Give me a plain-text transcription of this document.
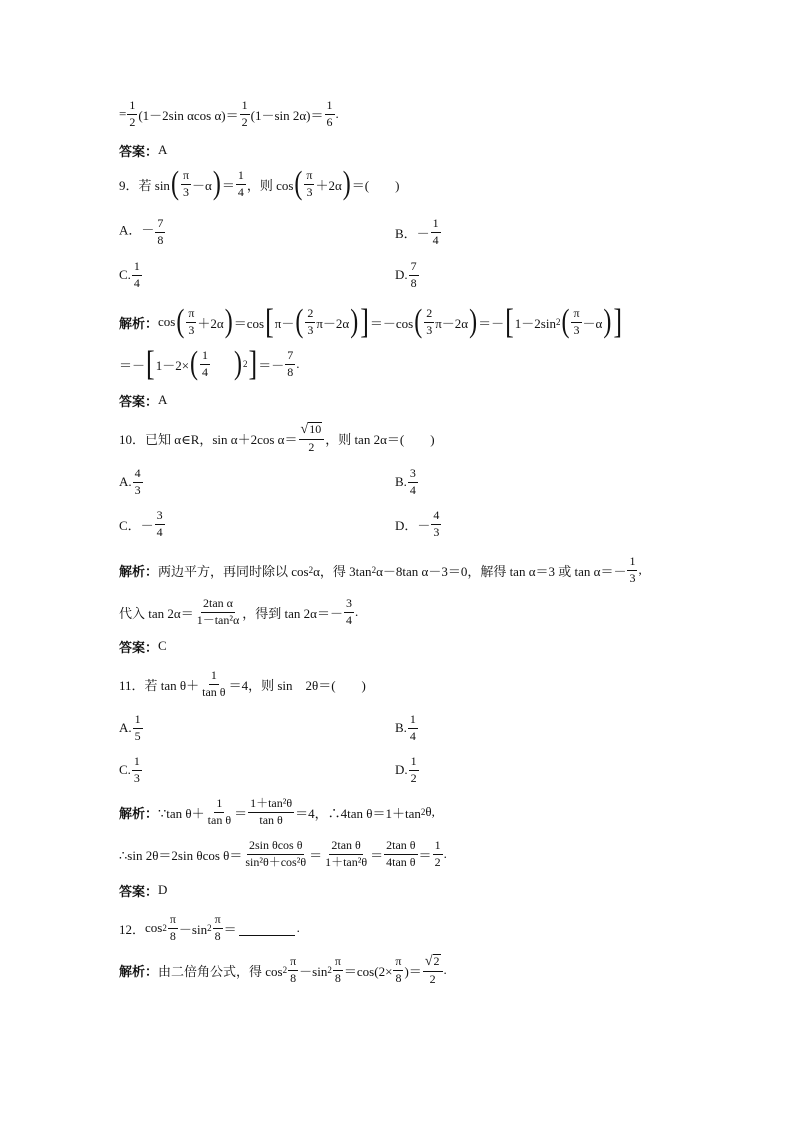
= $\frac{1}{2} (1-2\sin$ αcos $\alpha)= \frac{1}{2} (1-\sin$ $2\alpha)= \frac{1}{6}$ .
答案： A
9． 若 sin ( $\frac{\pi}{3} -\alpha$ ) ＝ $\frac{1}{4}$ ，则 cos ( $\frac{\pi}{3} +2\alpha$ ) ＝(　　)
A．－ $\frac{7}{8}$	B．－ $\frac{1}{4}$
C. $\frac{1}{4}$	D. $\frac{7}{8}$
解析： cos ( $\frac{\pi}{3} +2\alpha$ ) ＝cos [ π－ ( $\frac{2}{3} \pi-2\alpha$ ) ] ＝－cos ( $\frac{2}{3} \pi-2\alpha$ ) ＝－ [ 1－2sin 2 ( $\frac{\pi}{3} -\alpha$ ) ]
＝－ [ 1－2× ( $\frac{1}{4}$ ) 2 ] ＝－ $\frac{7}{8}$ .
答案： A
10． 已知 α∈R，sin α＋2cos $\alpha= \frac{√ 10}{2}$ ，则 tan 2α＝(　　)
A. $\frac{4}{3}$	B. $\frac{3}{4}$
C．－ $\frac{3}{4}$	D．－ $\frac{4}{3}$
解析： 两边平方，再同时除以 cos 2 α，得 3tan 2 α－8tan α－3＝0，解得 tan α＝3 或 $\tan \alpha=- \frac{1}{3}$ ,
代入 $\tan 2\alpha= \frac{\text{2tan α}}{\text{1－tan²α}}$ ，得到 $\tan 2\alpha=- \frac{3}{4}$ .
答案： C
11． 若 $\tan \theta+ \frac{1}{\text{tan θ}} =4$，则 sin　2θ＝(　　)
A. $\frac{1}{5}$	B. $\frac{1}{4}$
C. $\frac{1}{3}$	D. $\frac{1}{2}$
解析： ∵tan $\theta+ \frac{1}{\text{tan θ}} = \frac{\text{1＋tan²θ}}{\text{tan θ}} =4$，∴4tan θ＝1＋tan 2 θ,
∴sin 2θ＝2sin θcos $\theta= \frac{\text{2sin θcos θ}}{\text{sin²θ＋cos²θ}} = \frac{\text{2tan θ}}{\text{1＋tan²θ}} = \frac{\text{2tan θ}}{\text{4tan θ}} = \frac{1}{2}$ .
答案： D
12． $\cos 2 \frac{\pi}{8} -\sin$ $2 \frac{\pi}{8}$ ＝	.
解析： 由二倍角公式，得 $\cos 2 \frac{\pi}{8} -\sin$ $2 \frac{\pi}{8} =\cos(2\times \frac{\pi}{8}$ )＝ $\frac{√ 2}{2}$ .
